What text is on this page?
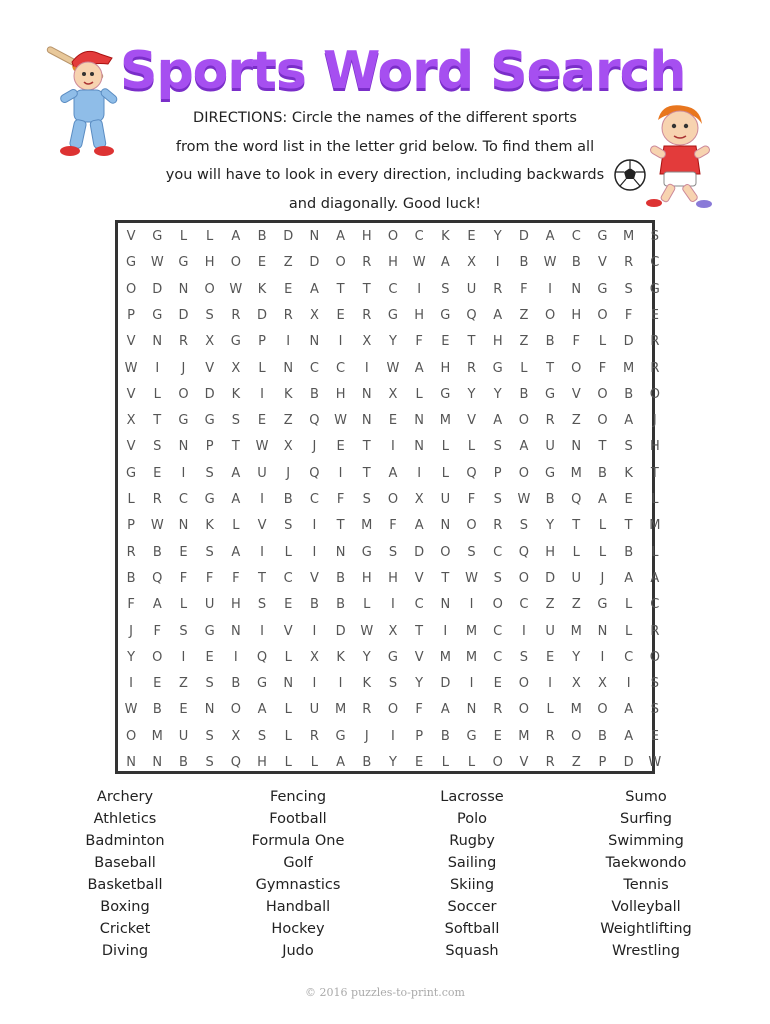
Sports Word Search
DIRECTIONS: Circle the names of the different sports
from the word list in the letter grid below. To find them all
you will have to look in every direction, including backwards
and diagonally. Good luck!
V	G	L	L	A	B	D	N	A	H	O	C	K	E	Y	D	A	C	G	M	S
G	W	G	H	O	E	Z	D	O	R	H	W	A	X	I	B	W	B	V	R	C
O	D	N	O	W	K	E	A	T	T	C	I	S	U	R	F	I	N	G	S	G
P	G	D	S	R	D	R	X	E	R	G	H	G	Q	A	Z	O	H	O	F	E
V	N	R	X	G	P	I	N	I	X	Y	F	E	T	H	Z	B	F	L	D	R
W	I	J	V	X	L	N	C	C	I	W	A	H	R	G	L	T	O	F	M	R
V	L	O	D	K	I	K	B	H	N	X	L	G	Y	Y	B	G	V	O	B	O
X	T	G	G	S	E	Z	Q	W	N	E	N	M	V	A	O	R	Z	O	A	J
V	S	N	P	T	W	X	J	E	T	I	N	L	L	S	A	U	N	T	S	H
G	E	I	S	A	U	J	Q	I	T	A	I	L	Q	P	O	G	M	B	K	T
L	R	C	G	A	I	B	C	F	S	O	X	U	F	S	W	B	Q	A	E	L
P	W	N	K	L	V	S	I	T	M	F	A	N	O	R	S	Y	T	L	T	M
R	B	E	S	A	I	L	I	N	G	S	D	O	S	C	Q	H	L	L	B	L
B	Q	F	F	F	T	C	V	B	H	H	V	T	W	S	O	D	U	J	A	A
F	A	L	U	H	S	E	B	B	L	I	C	N	I	O	C	Z	Z	G	L	C
J	F	S	G	N	I	V	I	D	W	X	T	I	M	C	I	U	M	N	L	R
Y	O	I	E	I	Q	L	X	K	Y	G	V	M	M	C	S	E	Y	I	C	O
I	E	Z	S	B	G	N	I	I	K	S	Y	D	I	E	O	I	X	X	I	S
W	B	E	N	O	A	L	U	M	R	O	F	A	N	R	O	L	M	O	A	S
O	M	U	S	X	S	L	R	G	J	I	P	B	G	E	M	R	O	B	A	E
N	N	B	S	Q	H	L	L	A	B	Y	E	L	L	O	V	R	Z	P	D	W
Archery
Athletics
Badminton
Baseball
Basketball
Boxing
Cricket
Diving
Fencing
Football
Formula One
Golf
Gymnastics
Handball
Hockey
Judo
Lacrosse
Polo
Rugby
Sailing
Skiing
Soccer
Softball
Squash
Sumo
Surfing
Swimming
Taekwondo
Tennis
Volleyball
Weightlifting
Wrestling
© 2016 puzzles-to-print.com
